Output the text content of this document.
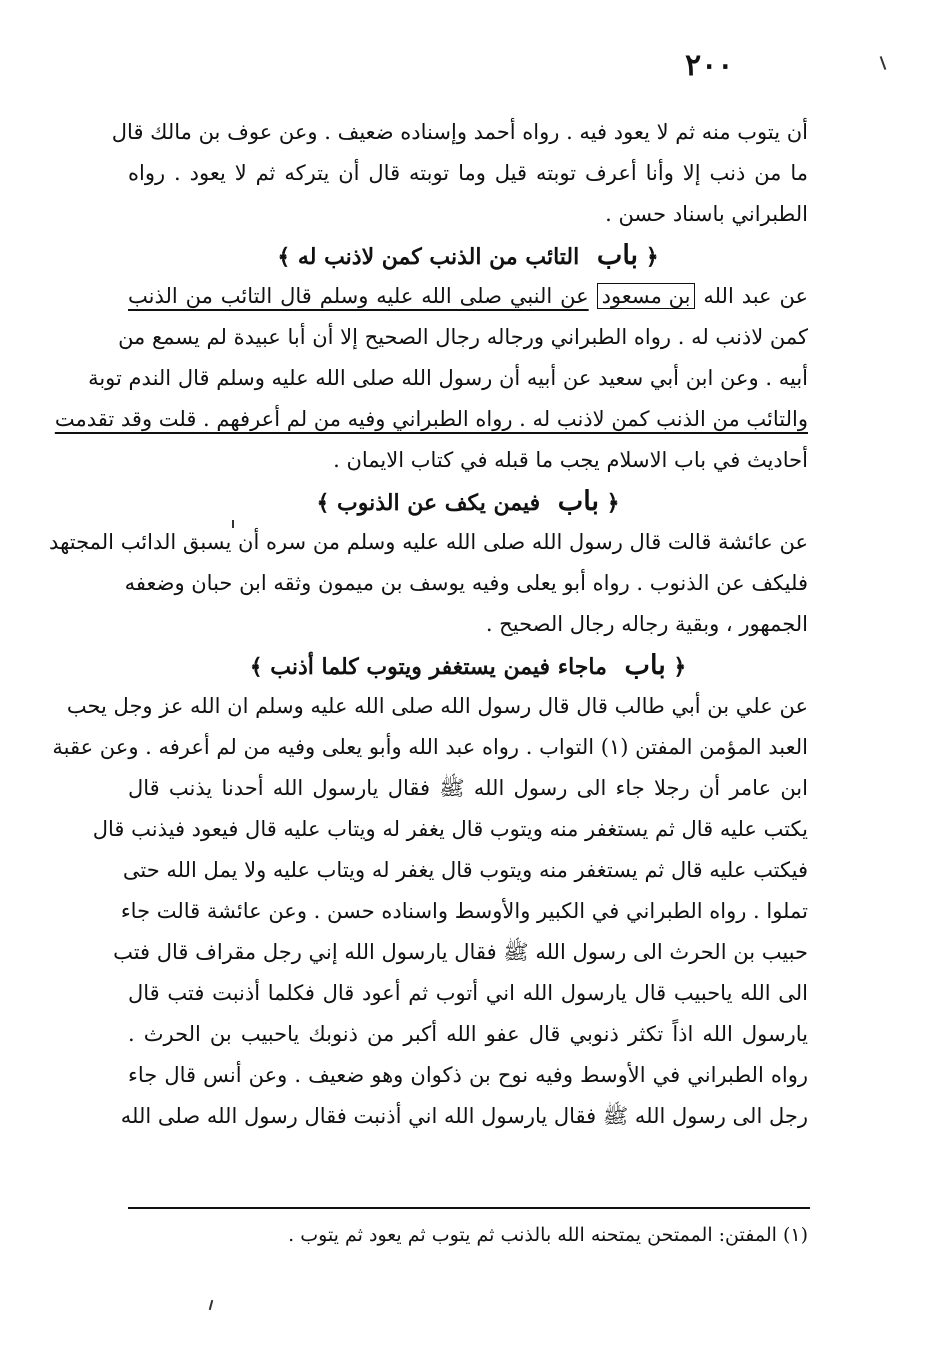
٢٠٠
أن يتوب منه ثم لا يعود فيه . رواه أحمد وإسناده ضعيف . وعن عوف بن مالك قال
ما من ذنب إلا وأنا أعرف توبته قيل وما توبته قال أن يتركه ثم لا يعود . رواه
الطبراني باسناد حسن .
﴿ باب التائب من الذنب كمن لاذنب له ﴾
عن عبد الله بن مسعود عن النبي صلى الله عليه وسلم قال التائب من الذنب
كمن لاذنب له . رواه الطبراني ورجاله رجال الصحيح إلا أن أبا عبيدة لم يسمع من
أبيه . وعن ابن أبي سعيد عن أبيه أن رسول الله صلى الله عليه وسلم قال الندم توبة
والتائب من الذنب كمن لاذنب له . رواه الطبراني وفيه من لم أعرفهم . قلت وقد تقدمت
أحاديث في باب الاسلام يجب ما قبله في كتاب الايمان .
﴿ باب فيمن يكف عن الذنوب ﴾
عن عائشة قالت قال رسول الله صلى الله عليه وسلم من سره أن يسبق الدائب المجتهد
فليكف عن الذنوب . رواه أبو يعلى وفيه يوسف بن ميمون وثقه ابن حبان وضعفه
الجمهور ، وبقية رجاله رجال الصحيح .
﴿ باب ماجاء فيمن يستغفر ويتوب كلما أذنب ﴾
عن علي بن أبي طالب قال قال رسول الله صلى الله عليه وسلم ان الله عز وجل يحب
العبد المؤمن المفتن (١) التواب . رواه عبد الله وأبو يعلى وفيه من لم أعرفه . وعن عقبة
ابن عامر أن رجلا جاء الى رسول الله ﷺ فقال يارسول الله أحدنا يذنب قال
يكتب عليه قال ثم يستغفر منه ويتوب قال يغفر له ويتاب عليه قال فيعود فيذنب قال
فيكتب عليه قال ثم يستغفر منه ويتوب قال يغفر له ويتاب عليه ولا يمل الله حتى
تملوا . رواه الطبراني في الكبير والأوسط واسناده حسن . وعن عائشة قالت جاء
حبيب بن الحرث الى رسول الله ﷺ فقال يارسول الله إني رجل مقراف قال فتب
الى الله ياحبيب قال يارسول الله اني أتوب ثم أعود قال فكلما أذنبت فتب قال
يارسول الله اذاً تكثر ذنوبي قال عفو الله أكبر من ذنوبك ياحبيب بن الحرث .
رواه الطبراني في الأوسط وفيه نوح بن ذكوان وهو ضعيف . وعن أنس قال جاء
رجل الى رسول الله ﷺ فقال يارسول الله اني أذنبت فقال رسول الله صلى الله
(١) المفتن: الممتحن يمتحنه الله بالذنب ثم يتوب ثم يعود ثم يتوب .
